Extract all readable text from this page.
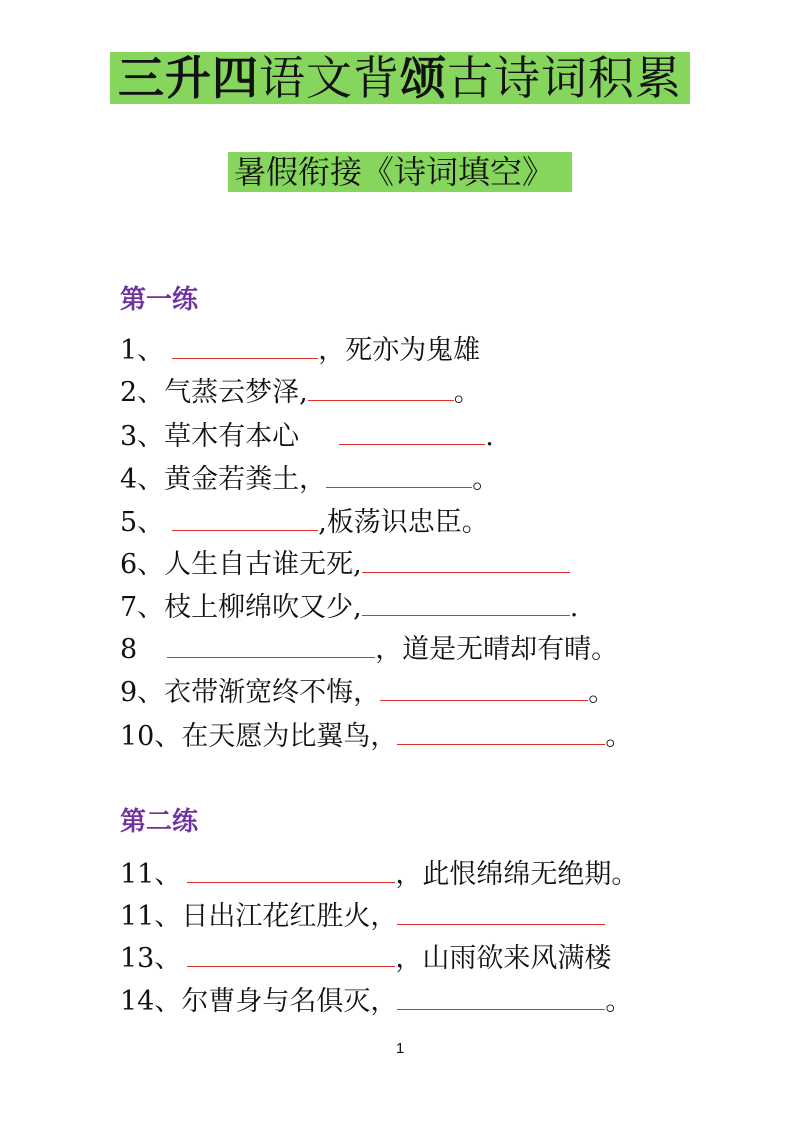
三升四语文背颂古诗词积累
暑假衔接《诗词填空》
第一练
1、	，死亦为鬼雄
2、气蒸云梦泽,	。
3、草木有本心	.
4、黄金若粪土，	。
5、	,板荡识忠臣。
6、人生自古谁无死,
7、枝上柳绵吹又少,	.
8	，道是无晴却有晴。
9、衣带渐宽终不悔，	。
10、在天愿为比翼鸟，	。
第二练
11、	，此恨绵绵无绝期。
11、日出江花红胜火，
13、	，山雨欲来风满楼
14、尔曹身与名俱灭，	。
1
